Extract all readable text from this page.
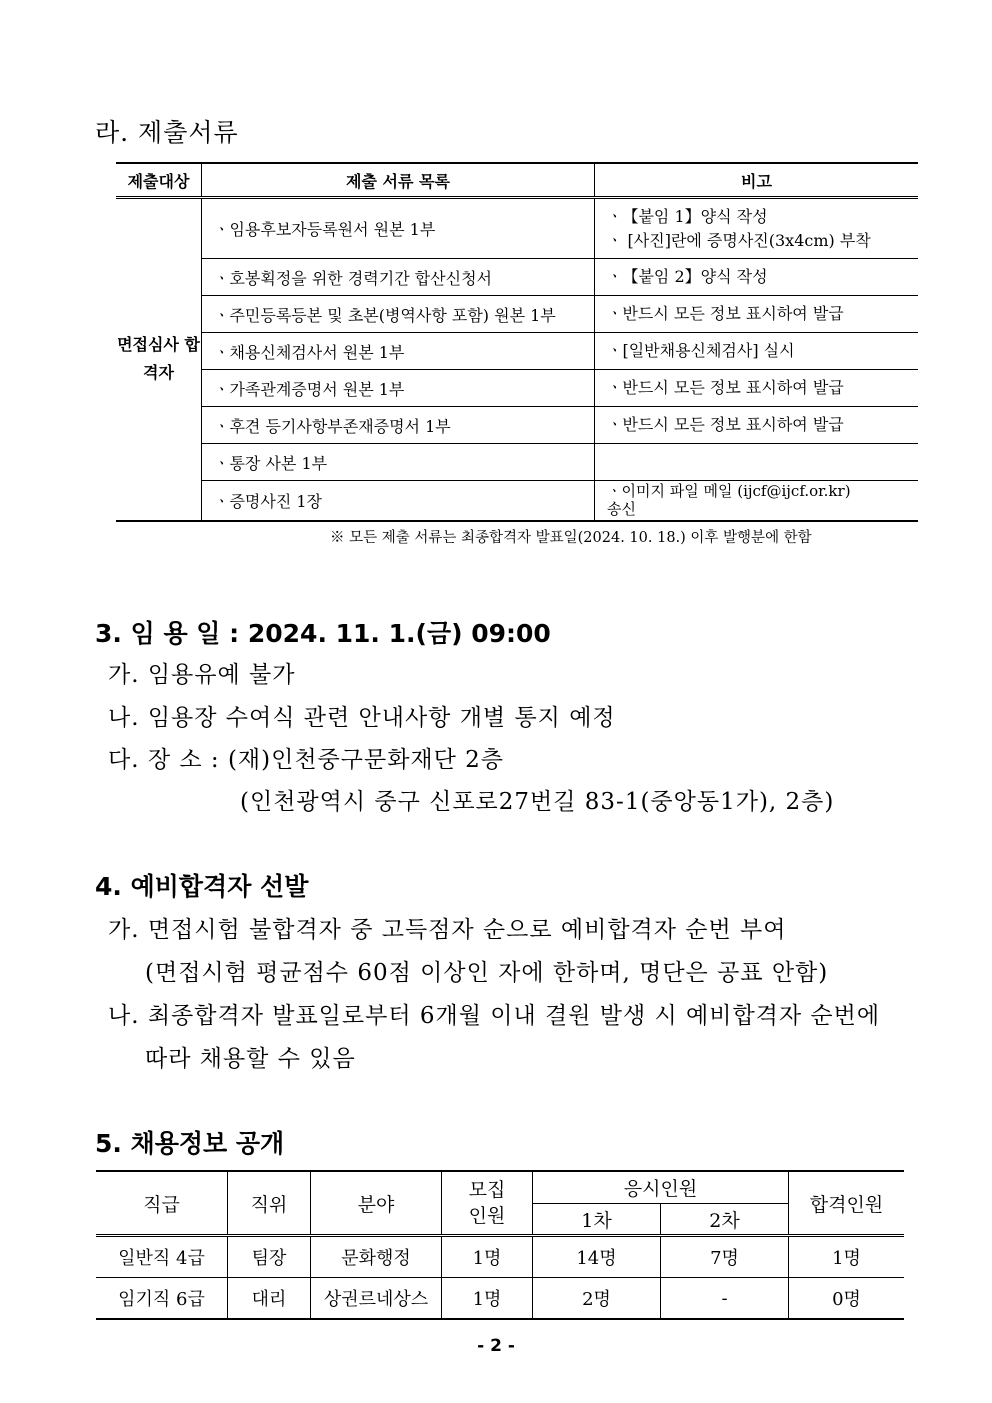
라. 제출서류
제출대상	제출 서류 목록	비고
면접심사 합격자	ㆍ임용후보자등록원서 원본 1부	ㆍ【붙임 1】양식 작성
ㆍ [사진]란에 증명사진(3x4cm) 부착
	ㆍ호봉획정을 위한 경력기간 합산신청서	ㆍ【붙임 2】양식 작성
	ㆍ주민등록등본 및 초본(병역사항 포함) 원본 1부	ㆍ반드시 모든 정보 표시하여 발급
	ㆍ채용신체검사서 원본 1부	ㆍ[일반채용신체검사] 실시
	ㆍ가족관계증명서 원본 1부	ㆍ반드시 모든 정보 표시하여 발급
	ㆍ후견 등기사항부존재증명서 1부	ㆍ반드시 모든 정보 표시하여 발급
	ㆍ통장 사본 1부	
	ㆍ증명사진 1장	ㆍ이미지 파일 메일 (ijcf@ijcf.or.kr)
송신
※ 모든 제출 서류는 최종합격자 발표일(2024. 10. 18.) 이후 발행분에 한함
3. 임 용 일 : 2024. 11. 1.(금) 09:00
가. 임용유예 불가
나. 임용장 수여식 관련 안내사항 개별 통지 예정
다. 장 소 : (재)인천중구문화재단 2층
(인천광역시 중구 신포로27번길 83-1(중앙동1가), 2층)
4. 예비합격자 선발
가. 면접시험 불합격자 중 고득점자 순으로 예비합격자 순번 부여
(면접시험 평균점수 60점 이상인 자에 한하며, 명단은 공표 안함)
나. 최종합격자 발표일로부터 6개월 이내 결원 발생 시 예비합격자 순번에
따라 채용할 수 있음
5. 채용정보 공개
직급	직위	분야	모집 인원	응시인원		합격인원
				1차	2차	
일반직 4급	팀장	문화행정	1명	14명	7명	1명
임기직 6급	대리	상권르네상스	1명	2명	-	0명
- 2 -
